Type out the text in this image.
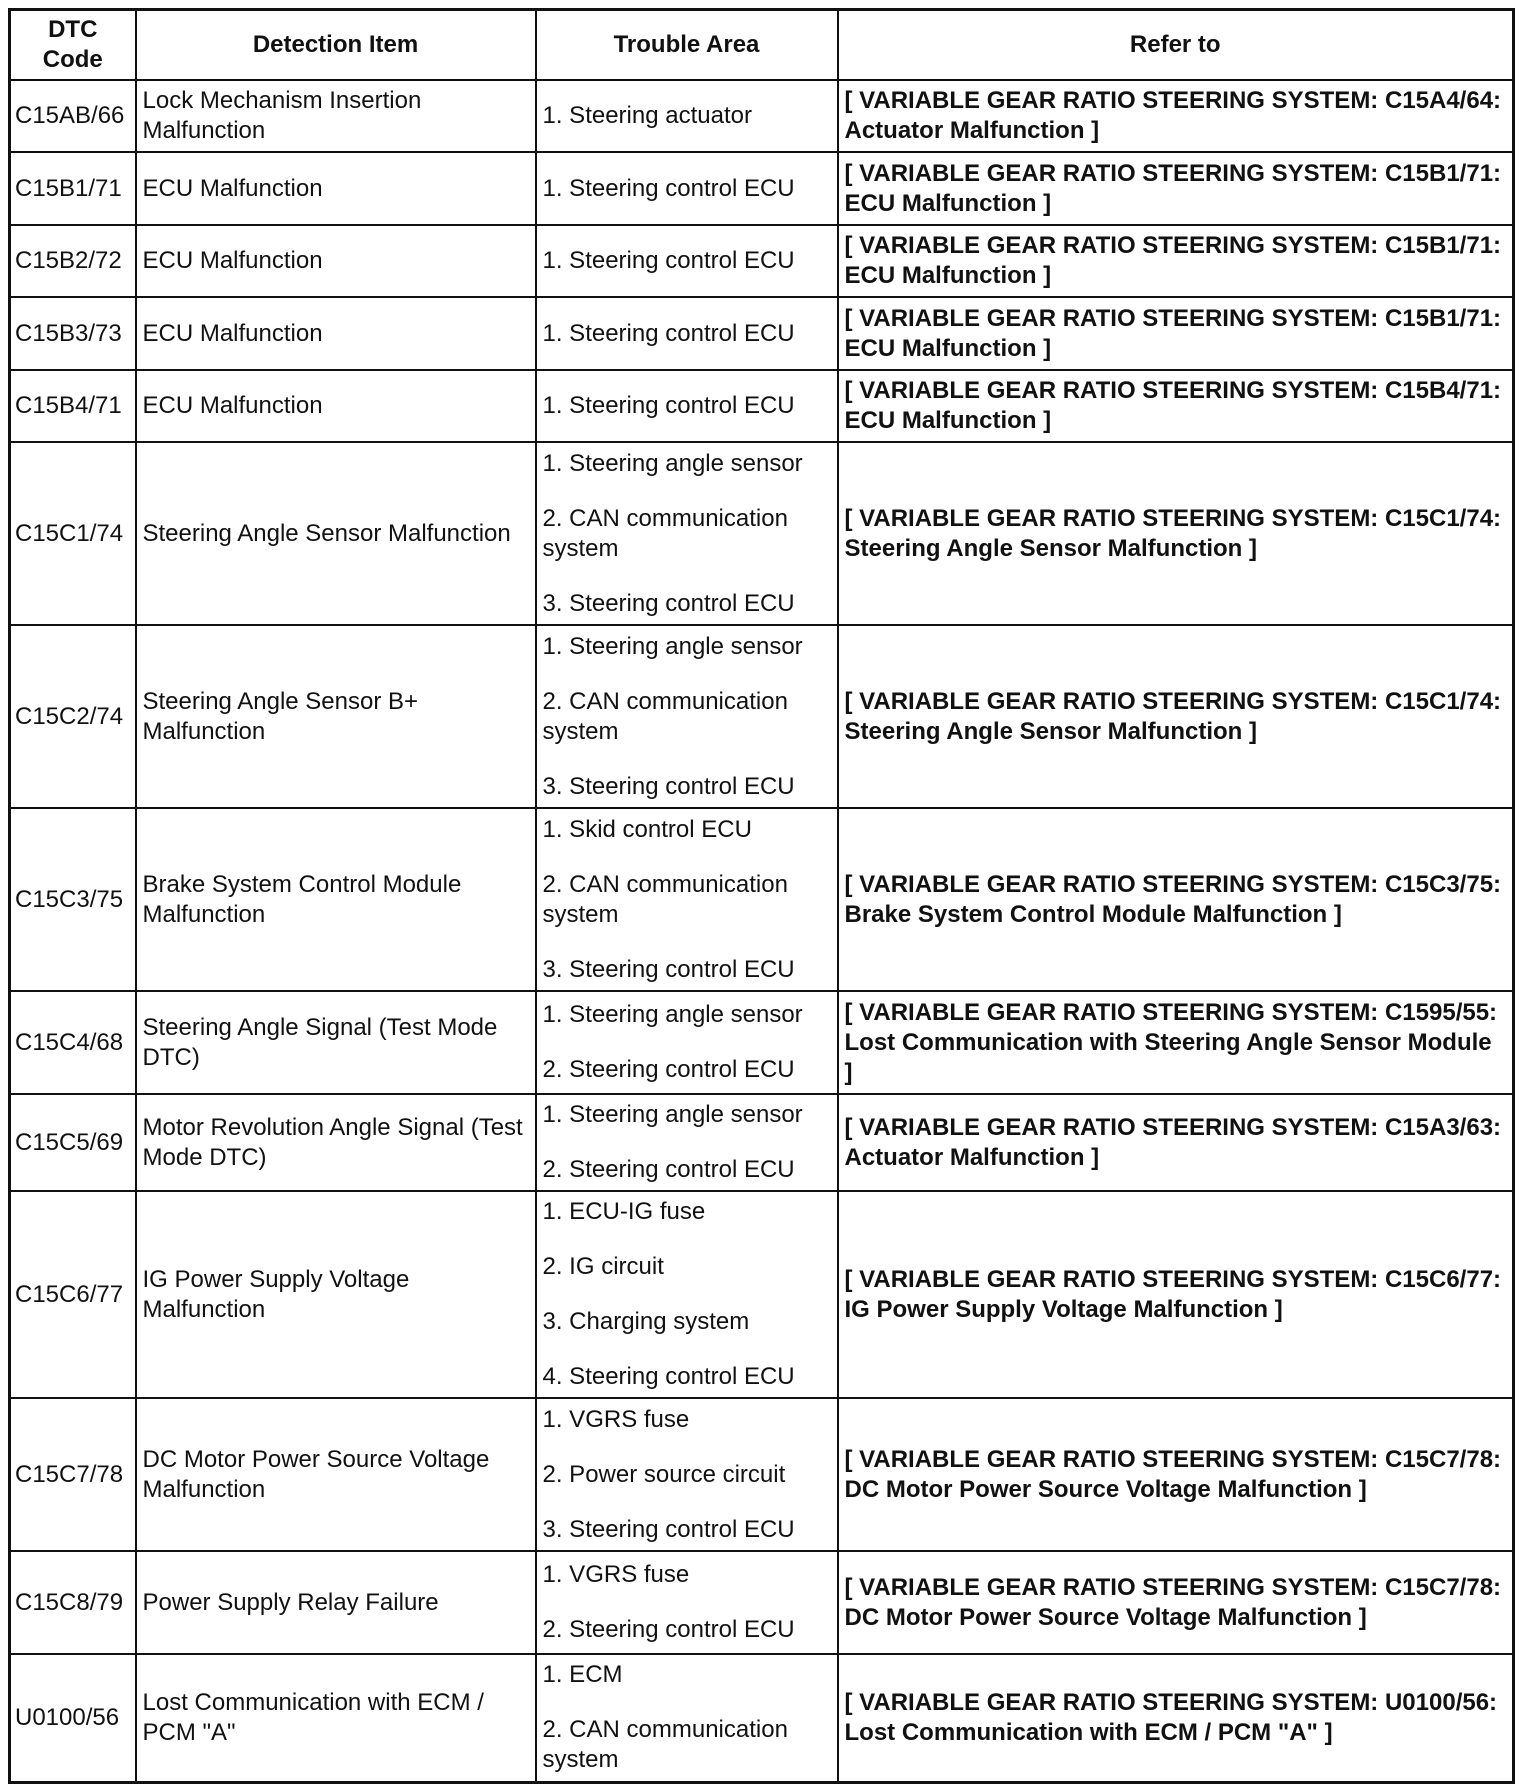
DTC Code	Detection Item	Trouble Area	Refer to
C15AB/66	Lock Mechanism Insertion Malfunction	1. Steering actuator	[ VARIABLE GEAR RATIO STEERING SYSTEM: C15A4/64: Actuator Malfunction ]
C15B1/71	ECU Malfunction	1. Steering control ECU	[ VARIABLE GEAR RATIO STEERING SYSTEM: C15B1/71: ECU Malfunction ]
C15B2/72	ECU Malfunction	1. Steering control ECU	[ VARIABLE GEAR RATIO STEERING SYSTEM: C15B1/71: ECU Malfunction ]
C15B3/73	ECU Malfunction	1. Steering control ECU	[ VARIABLE GEAR RATIO STEERING SYSTEM: C15B1/71: ECU Malfunction ]
C15B4/71	ECU Malfunction	1. Steering control ECU	[ VARIABLE GEAR RATIO STEERING SYSTEM: C15B4/71: ECU Malfunction ]
C15C1/74	Steering Angle Sensor Malfunction	1. Steering angle sensor
2. CAN communication system
3. Steering control ECU	[ VARIABLE GEAR RATIO STEERING SYSTEM: C15C1/74: Steering Angle Sensor Malfunction ]
C15C2/74	Steering Angle Sensor B+ Malfunction	1. Steering angle sensor
2. CAN communication system
3. Steering control ECU	[ VARIABLE GEAR RATIO STEERING SYSTEM: C15C1/74: Steering Angle Sensor Malfunction ]
C15C3/75	Brake System Control Module Malfunction	1. Skid control ECU
2. CAN communication system
3. Steering control ECU	[ VARIABLE GEAR RATIO STEERING SYSTEM: C15C3/75: Brake System Control Module Malfunction ]
C15C4/68	Steering Angle Signal (Test Mode DTC)	1. Steering angle sensor
2. Steering control ECU	[ VARIABLE GEAR RATIO STEERING SYSTEM: C1595/55: Lost Communication with Steering Angle Sensor Module ]
C15C5/69	Motor Revolution Angle Signal (Test Mode DTC)	1. Steering angle sensor
2. Steering control ECU	[ VARIABLE GEAR RATIO STEERING SYSTEM: C15A3/63: Actuator Malfunction ]
C15C6/77	IG Power Supply Voltage Malfunction	1. ECU-IG fuse
2. IG circuit
3. Charging system
4. Steering control ECU	[ VARIABLE GEAR RATIO STEERING SYSTEM: C15C6/77: IG Power Supply Voltage Malfunction ]
C15C7/78	DC Motor Power Source Voltage Malfunction	1. VGRS fuse
2. Power source circuit
3. Steering control ECU	[ VARIABLE GEAR RATIO STEERING SYSTEM: C15C7/78: DC Motor Power Source Voltage Malfunction ]
C15C8/79	Power Supply Relay Failure	1. VGRS fuse
2. Steering control ECU	[ VARIABLE GEAR RATIO STEERING SYSTEM: C15C7/78: DC Motor Power Source Voltage Malfunction ]
U0100/56	Lost Communication with ECM / PCM "A"	1. ECM
2. CAN communication system	[ VARIABLE GEAR RATIO STEERING SYSTEM: U0100/56: Lost Communication with ECM / PCM "A" ]
